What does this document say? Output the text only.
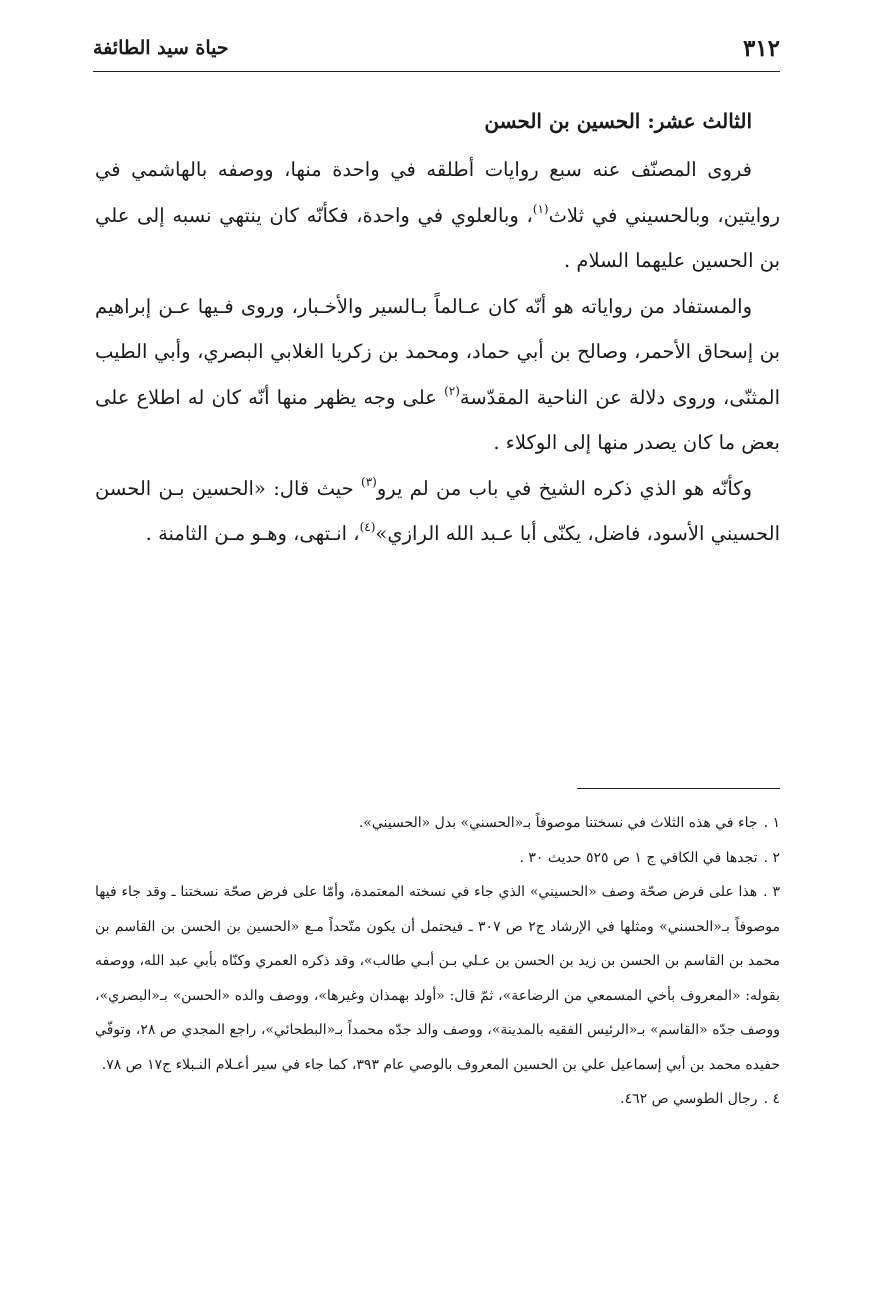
٣١٢
حياة سيد الطائفة
الثالث عشر: الحسين بن الحسن

فروى المصنّف عنه سبع روايات أطلقه في واحدة منها، ووصفه بالهاشمي في روايتين، وبالحسيني في ثلاث$^{(١)}$، وبالعلوي في واحدة، فكأنّه كان ينتهي نسبه إلى علي بن الحسين عليهما السلام .

والمستفاد من رواياته هو أنّه كان عـالماً بـالسير والأخـبار، وروى فـيها عـن إبراهيم بن إسحاق الأحمر، وصالح بن أبي حماد، ومحمد بن زكريا الغلابي البصري، وأبي الطيب المثنّى، وروى دلالة عن الناحية المقدّسة$^{(٢)}$ على وجه يظهر منها أنّه كان له اطلاع على بعض ما كان يصدر منها إلى الوكلاء .

وكأنّه هو الذي ذكره الشيخ في باب من لم يرو$^{(٣)}$ حيث قال: «الحسين بـن الحسن الحسيني الأسود، فاضل، يكنّى أبا عـبد الله الرازي»$^{(٤)}$، انـتهى، وهـو مـن الثامنة .

١ .جاء في هذه الثلاث في نسختنا موصوفاً بـ«الحسني» بدل «الحسيني».

٢ .تجدها في الكافي ج ١ ص ٥٢٥ حديث ٣٠ .

٣ .هذا على فرض صحّة وصف «الحسيني» الذي جاء في نسخته المعتمدة، وأمّا على فرض صحّة نسختنا ـ وقد جاء فيها موصوفاً بـ«الحسني» ومثلها في الإرشاد ج٢ ص ٣٠٧ ـ فيحتمل أن يكون متّحداً مـع «الحسين بن الحسن بن القاسم بن محمد بن القاسم بن الحسن بن زيد بن الحسن بن عـلي بـن أبـي طالب»، وقد ذكره العمري وكنّاه بأبي عبد الله، ووصفه بقوله: «المعروف بأخي المسمعي من الرضاعة»، ثمّ قال: «أولد بهمذان وغيرها»، ووصف والده «الحسن» بـ«البصري»، ووصف جدّه «القاسم» بـ«الرئيس الفقيه بالمدينة»، ووصف والد جدّه محمداً بـ«البطحائي»، راجع المجدي ص ٢٨، وتوفّي حفيده محمد بن أبي إسماعيل علي بن الحسين المعروف بالوصي عام ٣٩٣، كما جاء في سير أعـلام النـبلاء ج١٧ ص ٧٨.

٤ .رجال الطوسي ص ٤٦٢.
